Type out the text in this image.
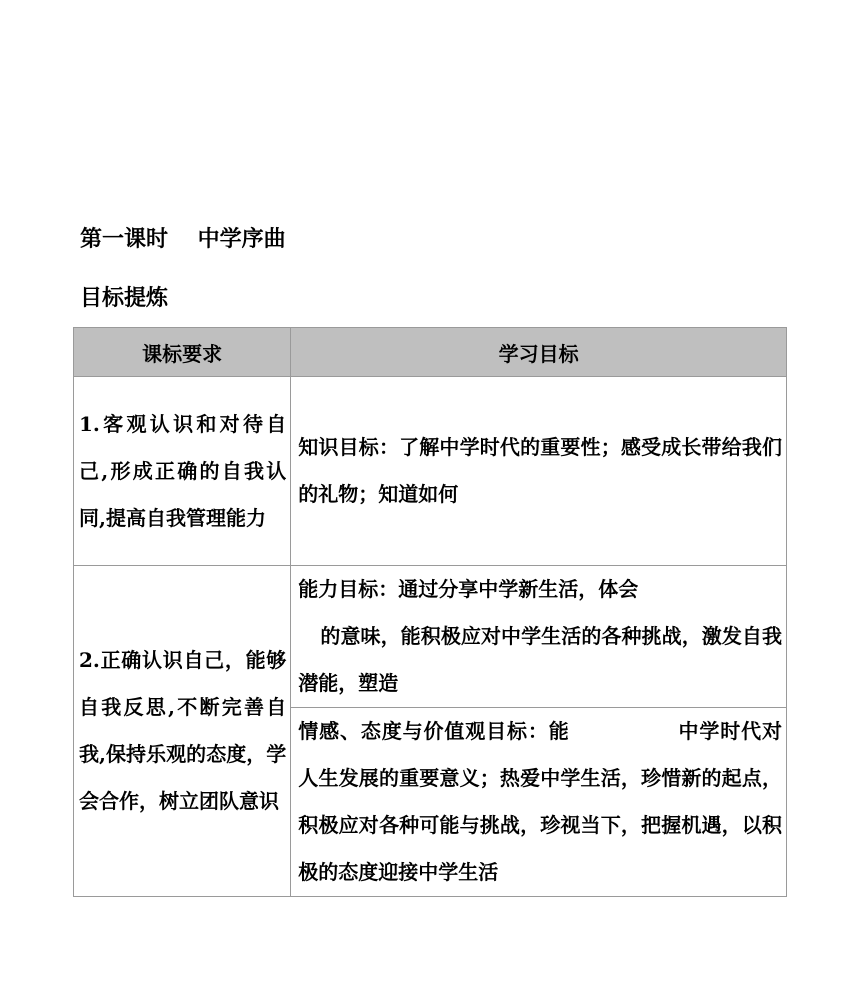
第一课时　 中学序曲
目标提炼
课标要求	学习目标

1.客观认识和对待自己,形成正确的自我认同,提高自我管理能力	知识目标：了解中学时代的重要性；感受成长带给我们的礼物；知道如何

2.正确认识自己，能够自我反思,不断完善自我,保持乐观的态度，学会合作，树立团队意识	能力目标：通过分享中学新生活，体会
的意味，能积极应对中学生活的各种挑战，激发自我潜能，塑造

	情感、态度与价值观目标：能 中学时代对人生发展的重要意义；热爱中学生活，珍惜新的起点，积极应对各种可能与挑战，珍视当下，把握机遇，以积极的态度迎接中学生活
